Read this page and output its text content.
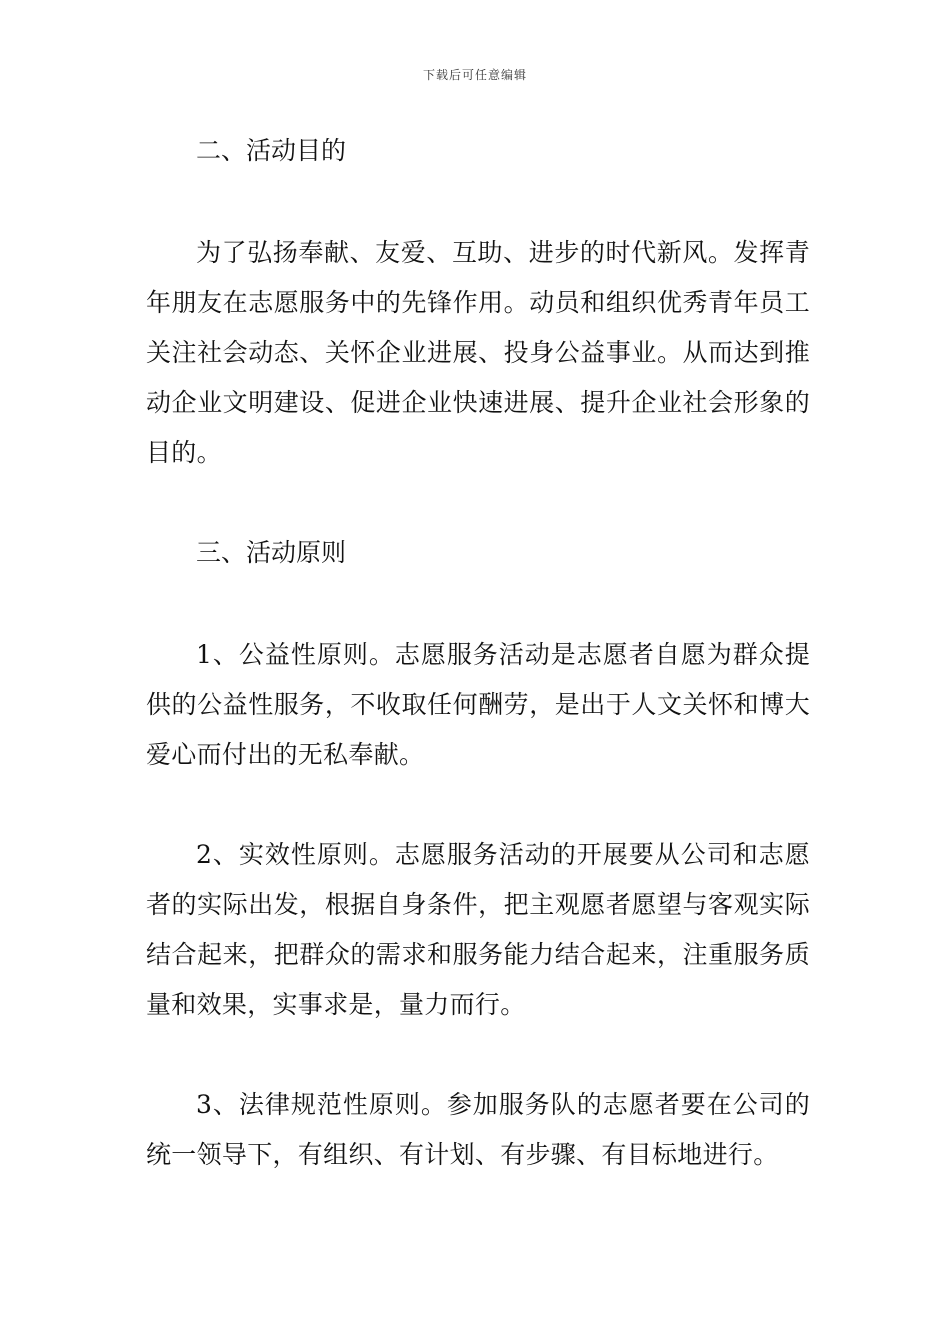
下载后可任意编辑

二、活动目的

为了弘扬奉献、友爱、互助、进步的时代新风。发挥青年朋友在志愿服务中的先锋作用。动员和组织优秀青年员工关注社会动态、关怀企业进展、投身公益事业。从而达到推动企业文明建设、促进企业快速进展、提升企业社会形象的目的。

三、活动原则

1、公益性原则。志愿服务活动是志愿者自愿为群众提供的公益性服务，不收取任何酬劳，是出于人文关怀和博大爱心而付出的无私奉献。

2、实效性原则。志愿服务活动的开展要从公司和志愿者的实际出发，根据自身条件，把主观愿者愿望与客观实际结合起来，把群众的需求和服务能力结合起来，注重服务质量和效果，实事求是，量力而行。

3、法律规范性原则。参加服务队的志愿者要在公司的统一领导下，有组织、有计划、有步骤、有目标地进行。
